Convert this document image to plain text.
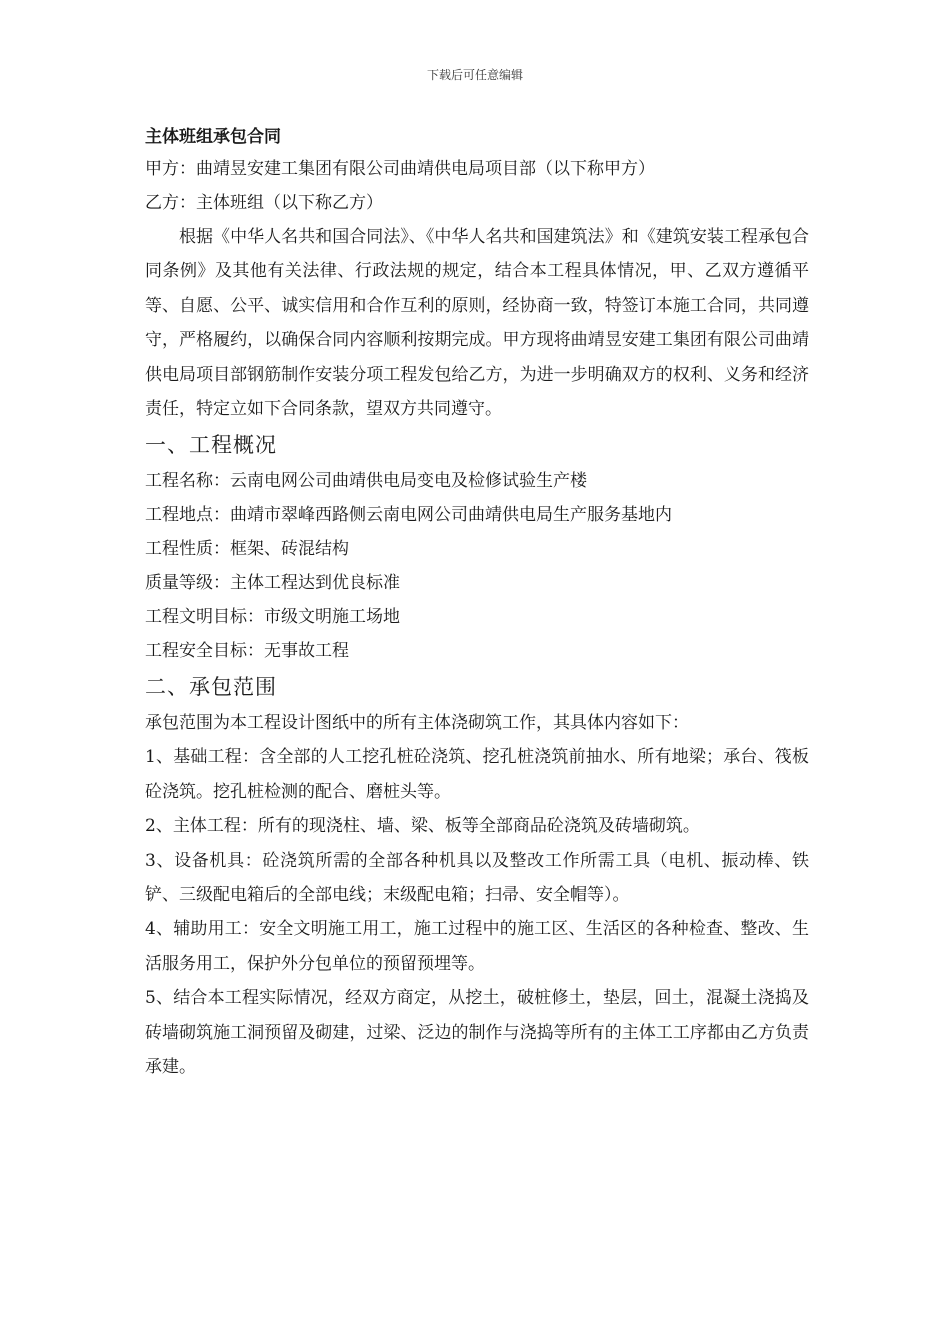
下载后可任意编辑

主体班组承包合同

甲方：曲靖昱安建工集团有限公司曲靖供电局项目部（以下称甲方）

乙方：主体班组（以下称乙方）

根据《中华人名共和国合同法》、《中华人名共和国建筑法》和《建筑安装工程承包合同条例》及其他有关法律、行政法规的规定，结合本工程具体情况，甲、乙双方遵循平等、自愿、公平、诚实信用和合作互利的原则，经协商一致，特签订本施工合同，共同遵守，严格履约，以确保合同内容顺利按期完成。甲方现将曲靖昱安建工集团有限公司曲靖供电局项目部钢筋制作安装分项工程发包给乙方，为进一步明确双方的权利、义务和经济责任，特定立如下合同条款，望双方共同遵守。

一、工程概况

工程名称：云南电网公司曲靖供电局变电及检修试验生产楼

工程地点：曲靖市翠峰西路侧云南电网公司曲靖供电局生产服务基地内

工程性质：框架、砖混结构

质量等级：主体工程达到优良标准

工程文明目标：市级文明施工场地

工程安全目标：无事故工程

二、承包范围

承包范围为本工程设计图纸中的所有主体浇砌筑工作，其具体内容如下：

1、基础工程：含全部的人工挖孔桩砼浇筑、挖孔桩浇筑前抽水、所有地梁；承台、筏板砼浇筑。挖孔桩检测的配合、磨桩头等。

2、主体工程：所有的现浇柱、墙、梁、板等全部商品砼浇筑及砖墙砌筑。

3、设备机具：砼浇筑所需的全部各种机具以及整改工作所需工具（电机、振动棒、铁铲、三级配电箱后的全部电线；末级配电箱；扫帚、安全帽等）。

4、辅助用工：安全文明施工用工，施工过程中的施工区、生活区的各种检查、整改、生活服务用工，保护外分包单位的预留预埋等。

5、结合本工程实际情况，经双方商定，从挖土，破桩修土，垫层，回土，混凝土浇捣及砖墙砌筑施工洞预留及砌建，过梁、泛边的制作与浇捣等所有的主体工工序都由乙方负责承建。
